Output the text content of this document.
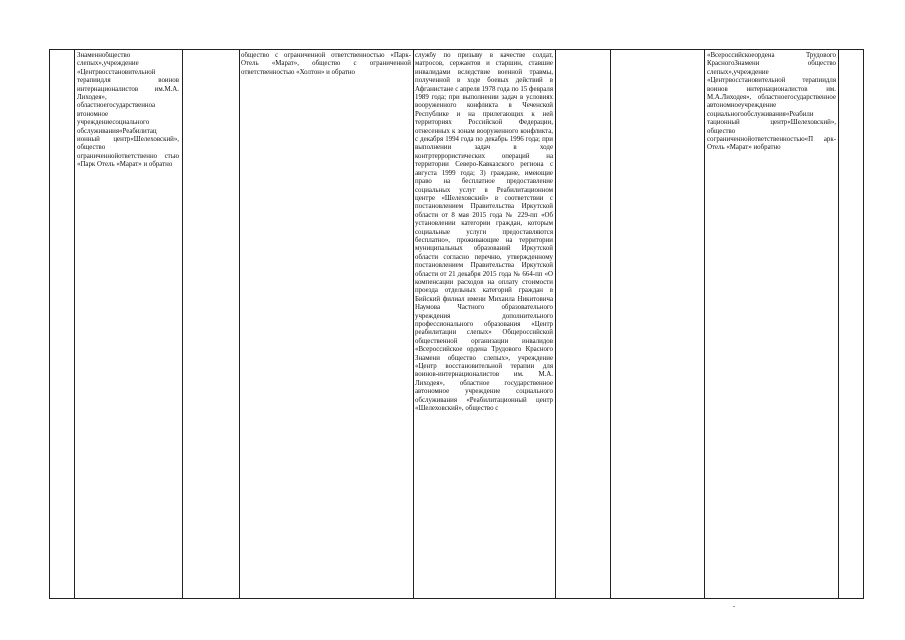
Знаменнобщество слепых»,учреждение «Центрвосстановительной терапиидля воинов интернационалистов им.М.А. Лиходея», областноегосударственноа втономное учреждениесоциального обслуживания«Реабилитац ионный центр«Шелеховский», общество ограниченнойответственно стью «Парк Отель «Марат» и обратно
общество с ограниченной ответственностью «Парк-Отель «Марат», общество с ограниченной ответственностью «Холтон» и обратно
службу по призыву в качестве солдат, матросов, сержантов и старшин, ставшие инвалидами вследствие военной травмы, полученной в ходе боевых действий в Афганистане с апреля 1978 года по 15 февраля 1989 года; при выполнении задач в условиях вооруженного конфликта в Чеченской Республике и на прилегающих к ней территориях Российской Федерации, отнесенных к зонам вооруженного конфликта, с декабря 1994 года по декабрь 1996 года; при выполнении задач в ходе контртеррористических операций на территории Северо-Кавказского региона с августа 1999 года; 3) граждане, имеющие право на бесплатное предоставление социальных услуг в Реабилитационном центре «Шелеховский» в соответствии с постановлением Правительства Иркутской области от 8 мая 2015 года № 229-пп «Об установлении категории граждан, которым социальные услуги предоставляются бесплатно», проживающие на территории муниципальных образований Иркутской области согласно перечню, утвержденному постановлением Правительства Иркутской области от 21 декабря 2015 года № 664-пп «О компенсации расходов на оплату стоимости проезда отдельных категорий граждан в Бийский филиал имени Михаила Никитовича Наумова Частного образовательного учреждения дополнительного профессионального образования «Центр реабилитации слепых» Общероссийской общественной организации инвалидов «Всероссийское ордена Трудового Красного Знамени общество слепых», учреждение «Центр восстановительной терапии для воинов-интернационалистов им. М.А. Лиходея», областное государственное автономное учреждение социального обслуживания «Реабилитационный центр «Шелеховский», общество с
«Всероссийскоеордена Трудового КрасногоЗнамени общество слепых»,учреждение «Центрвосстановительной терапиидля воинов интернационалистов им. М.А.Лиходея», областноегосударственное автономноеучреждение социальногообслуживания«Реабили тационный центр«Шелеховский», общество сограниченнойответственностью«П арк-Отель «Марат» иобратно
